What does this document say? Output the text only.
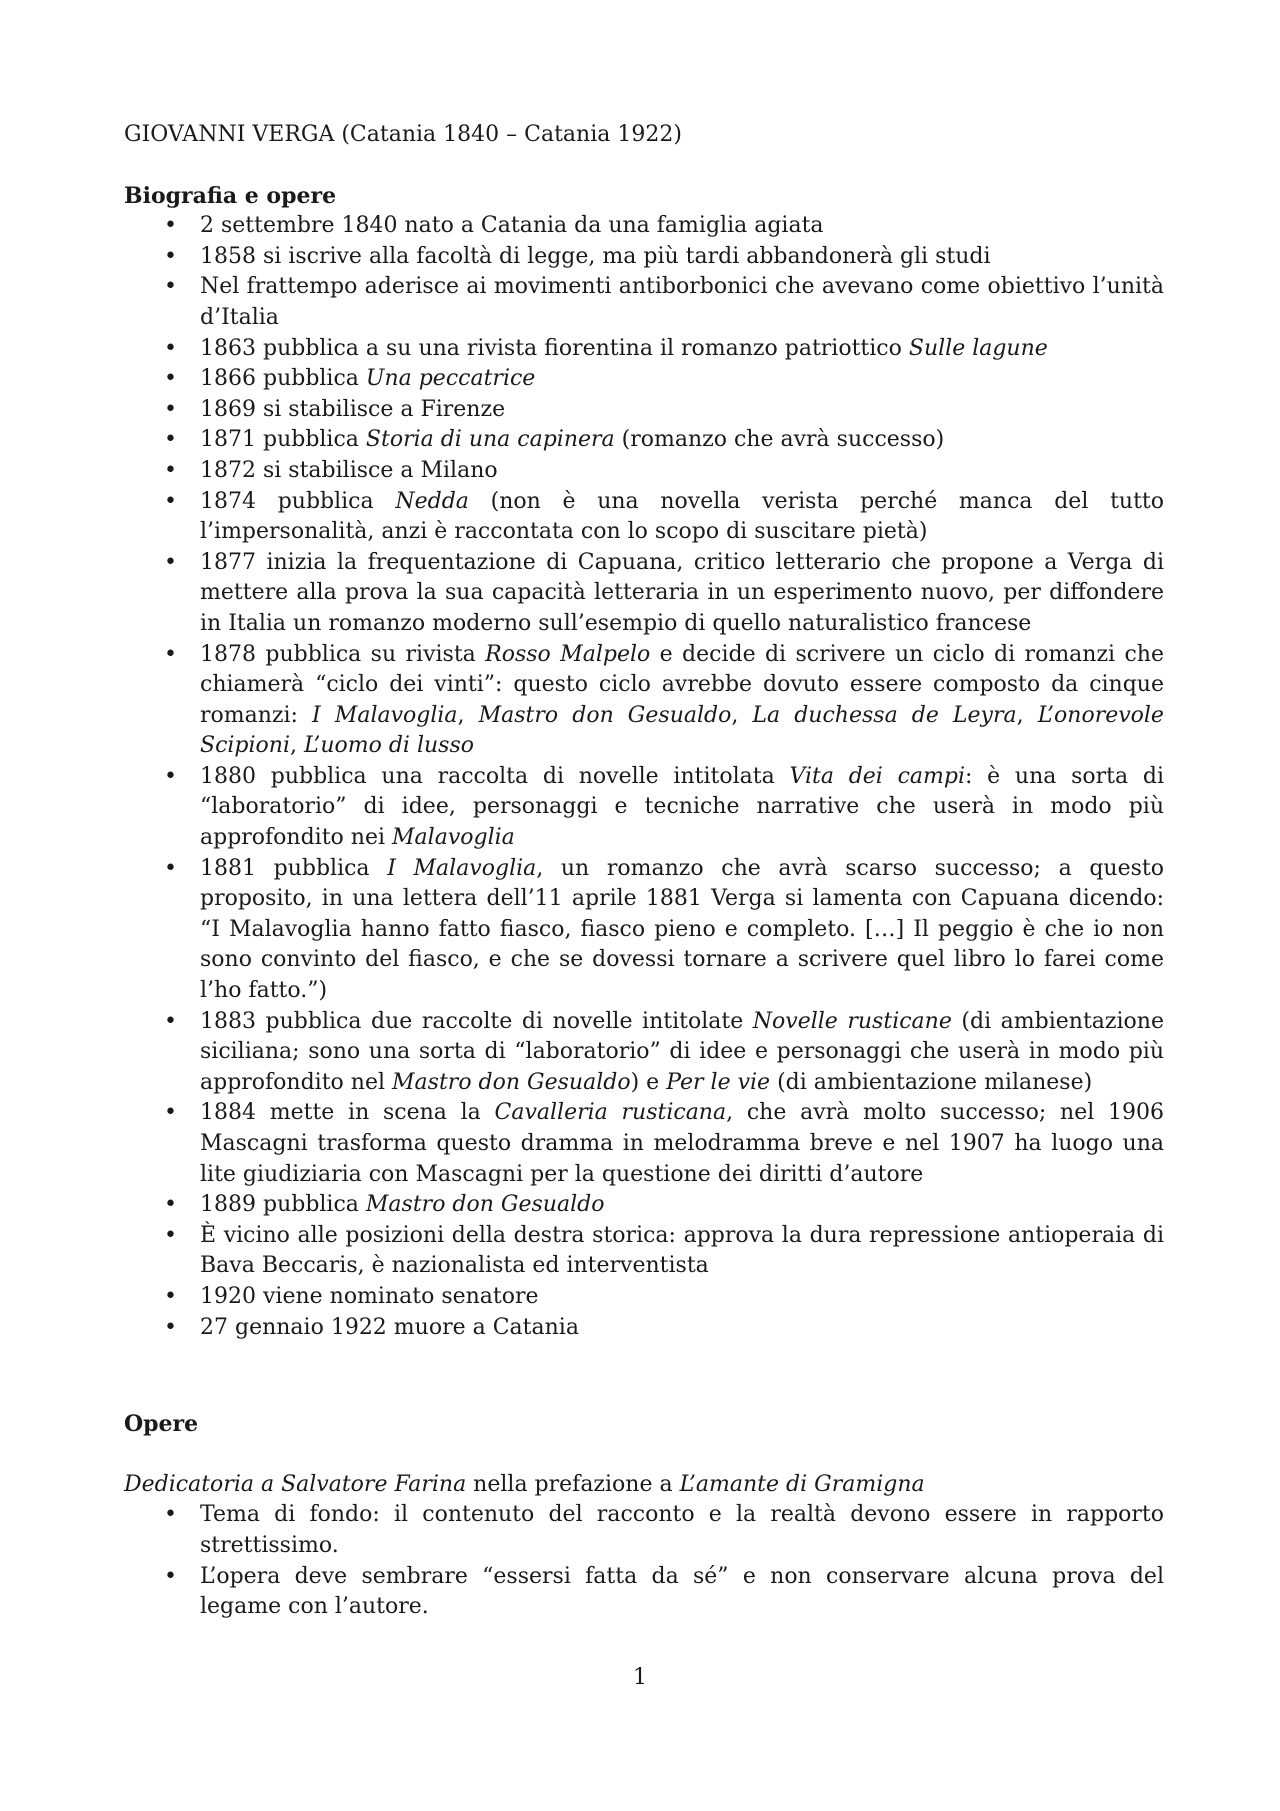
GIOVANNI VERGA (Catania 1840 – Catania 1922)

Biografia e opere

• 2 settembre 1840 nato a Catania da una famiglia agiata
• 1858 si iscrive alla facoltà di legge, ma più tardi abbandonerà gli studi
• Nel frattempo aderisce ai movimenti antiborbonici che avevano come obiettivo l’unità d’Italia
• 1863 pubblica a su una rivista fiorentina il romanzo patriottico Sulle lagune
• 1866 pubblica Una peccatrice
• 1869 si stabilisce a Firenze
• 1871 pubblica Storia di una capinera (romanzo che avrà successo)
• 1872 si stabilisce a Milano
• 1874 pubblica Nedda (non è una novella verista perché manca del tutto l’impersonalità, anzi è raccontata con lo scopo di suscitare pietà)
• 1877 inizia la frequentazione di Capuana, critico letterario che propone a Verga di mettere alla prova la sua capacità letteraria in un esperimento nuovo, per diffondere in Italia un romanzo moderno sull’esempio di quello naturalistico francese
• 1878 pubblica su rivista Rosso Malpelo e decide di scrivere un ciclo di romanzi che chiamerà “ciclo dei vinti”: questo ciclo avrebbe dovuto essere composto da cinque romanzi: I Malavoglia, Mastro don Gesualdo, La duchessa de Leyra, L’onorevole Scipioni, L’uomo di lusso
• 1880 pubblica una raccolta di novelle intitolata Vita dei campi: è una sorta di “laboratorio” di idee, personaggi e tecniche narrative che userà in modo più approfondito nei Malavoglia
• 1881 pubblica I Malavoglia, un romanzo che avrà scarso successo; a questo proposito, in una lettera dell’11 aprile 1881 Verga si lamenta con Capuana dicendo: “I Malavoglia hanno fatto fiasco, fiasco pieno e completo. […] Il peggio è che io non sono convinto del fiasco, e che se dovessi tornare a scrivere quel libro lo farei come l’ho fatto.”)
• 1883 pubblica due raccolte di novelle intitolate Novelle rusticane (di ambientazione siciliana; sono una sorta di “laboratorio” di idee e personaggi che userà in modo più approfondito nel Mastro don Gesualdo) e Per le vie (di ambientazione milanese)
• 1884 mette in scena la Cavalleria rusticana, che avrà molto successo; nel 1906 Mascagni trasforma questo dramma in melodramma breve e nel 1907 ha luogo una lite giudiziaria con Mascagni per la questione dei diritti d’autore
• 1889 pubblica Mastro don Gesualdo
• È vicino alle posizioni della destra storica: approva la dura repressione antioperaia di Bava Beccaris, è nazionalista ed interventista
• 1920 viene nominato senatore
• 27 gennaio 1922 muore a Catania

Opere

Dedicatoria a Salvatore Farina nella prefazione a L’amante di Gramigna

• Tema di fondo: il contenuto del racconto e la realtà devono essere in rapporto strettissimo.
• L’opera deve sembrare “essersi fatta da sé” e non conservare alcuna prova del legame con l’autore.
1
